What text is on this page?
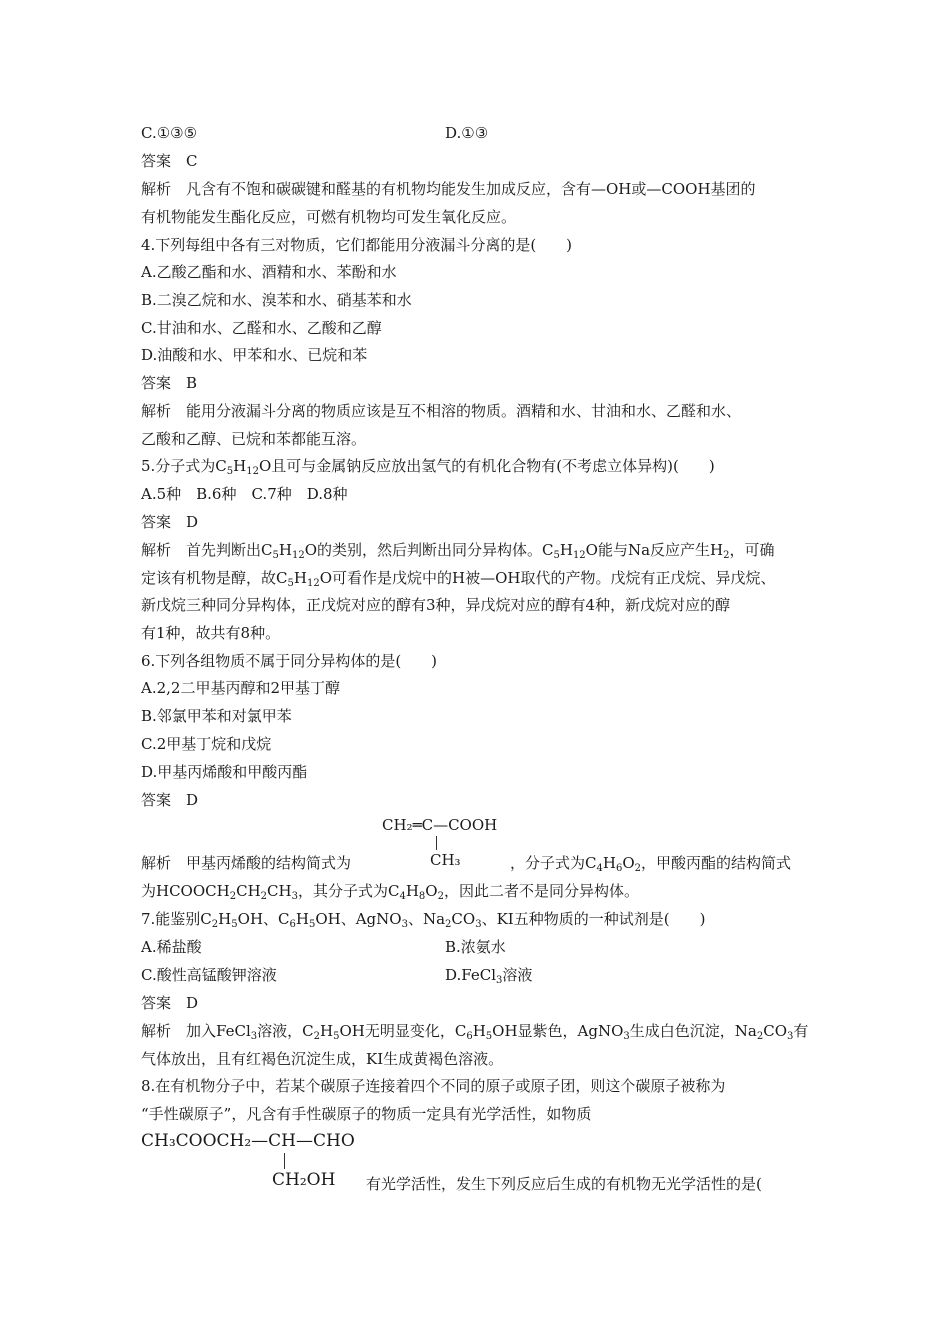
C.①③⑤	D.①③
答案　C
解析　凡含有不饱和碳碳键和醛基的有机物均能发生加成反应，含有—OH或—COOH基团的
有机物能发生酯化反应，可燃有机物均可发生氧化反应。
4.下列每组中各有三对物质，它们都能用分液漏斗分离的是(　　)
A.乙酸乙酯和水、酒精和水、苯酚和水
B.二溴乙烷和水、溴苯和水、硝基苯和水
C.甘油和水、乙醛和水、乙酸和乙醇
D.油酸和水、甲苯和水、已烷和苯
答案　B
解析　能用分液漏斗分离的物质应该是互不相溶的物质。酒精和水、甘油和水、乙醛和水、
乙酸和乙醇、已烷和苯都能互溶。
5.分子式为$C_5H_{12}O$且可与金属钠反应放出氢气的有机化合物有(不考虑立体异构)(　　)
A.5种　B.6种　C.7种　D.8种
答案　D
解析　首先判断出$C_5H_{12}O$的类别，然后判断出同分异构体。$C_5H_{12}O$能与Na反应产生$H_2$，可确
定该有机物是醇，故$C_5H_{12}O$可看作是戊烷中的H被—OH取代的产物。戊烷有正戊烷、异戊烷、
新戊烷三种同分异构体，正戊烷对应的醇有3种，异戊烷对应的醇有4种，新戊烷对应的醇
有1种，故共有8种。
6.下列各组物质不属于同分异构体的是(　　)
A.2,2二甲基丙醇和2甲基丁醇
B.邻氯甲苯和对氯甲苯
C.2甲基丁烷和戊烷
D.甲基丙烯酸和甲酸丙酯
答案　D
CH₂═C—COOH
CH₃
解析　甲基丙烯酸的结构简式为	，分子式为$C_4H_6O_2$，甲酸丙酯的结构简式
为$HCOOCH_2CH_2CH_3$，其分子式为$C_4H_8O_2$，因此二者不是同分异构体。
7.能鉴别$C_2H_5OH$、$C_6H_5OH$、AgNO$_3$、$Na_2CO_3$、KI五种物质的一种试剂是(　　)
A.稀盐酸	B.浓氨水
C.酸性高锰酸钾溶液	D.FeCl$_3$溶液
答案　D
解析　加入FeCl$_3$溶液，$C_2H_5OH$无明显变化，$C_6H_5OH$显紫色，AgNO$_3$生成白色沉淀，$Na_2CO_3$有
气体放出，且有红褐色沉淀生成，KI生成黄褐色溶液。
8.在有机物分子中，若某个碳原子连接着四个不同的原子或原子团，则这个碳原子被称为
“手性碳原子”，凡含有手性碳原子的物质一定具有光学活性，如物质
CH₃COOCH₂—CH—CHO
CH₂OH 有光学活性，发生下列反应后生成的有机物无光学活性的是(
